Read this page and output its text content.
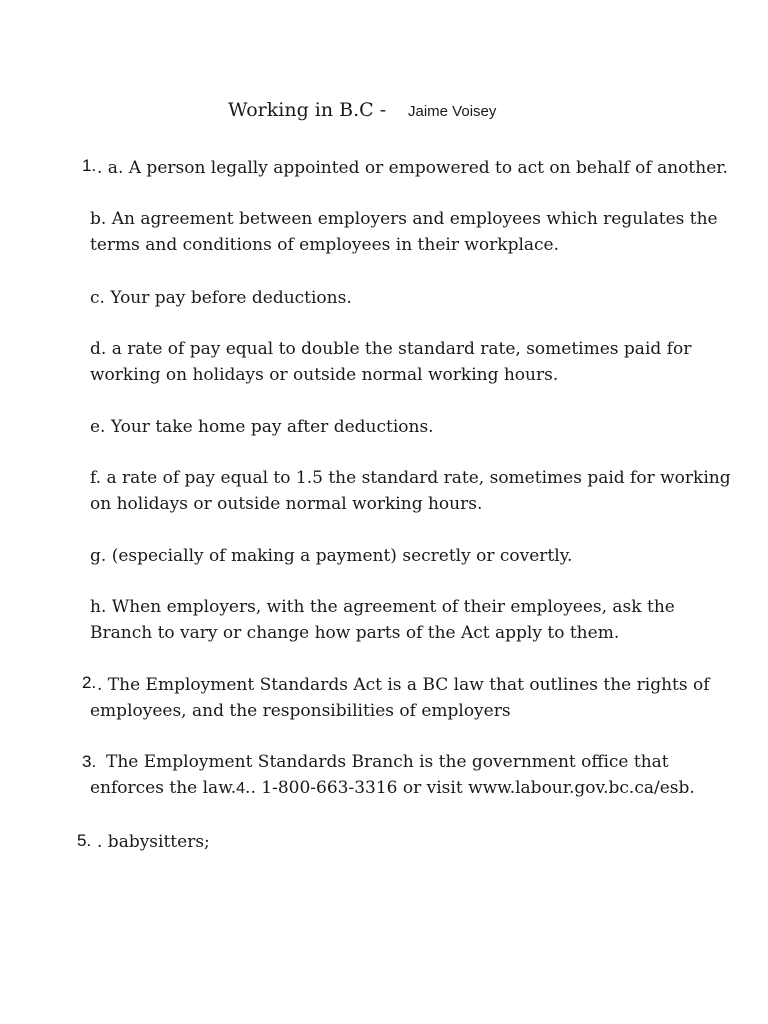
Working in B.C - Jaime Voisey
1. . a. A person legally appointed or empowered to act on behalf of another.
b. An agreement between employers and employees which regulates the
terms and conditions of employees in their workplace.
c. Your pay before deductions.
d. a rate of pay equal to double the standard rate, sometimes paid for
working on holidays or outside normal working hours.
e. Your take home pay after deductions.
f. a rate of pay equal to 1.5 the standard rate, sometimes paid for working
on holidays or outside normal working hours.
g. (especially of making a payment) secretly or covertly.
h. When employers, with the agreement of their employees, ask the
Branch to vary or change how parts of the Act apply to them.
2. . The Employment Standards Act is a BC law that outlines the rights of
employees, and the responsibilities of employers
3. The Employment Standards Branch is the government office that
enforces the law.4.. 1-800-663-3316 or visit www.labour.gov.bc.ca/esb.
5. . babysitters;
